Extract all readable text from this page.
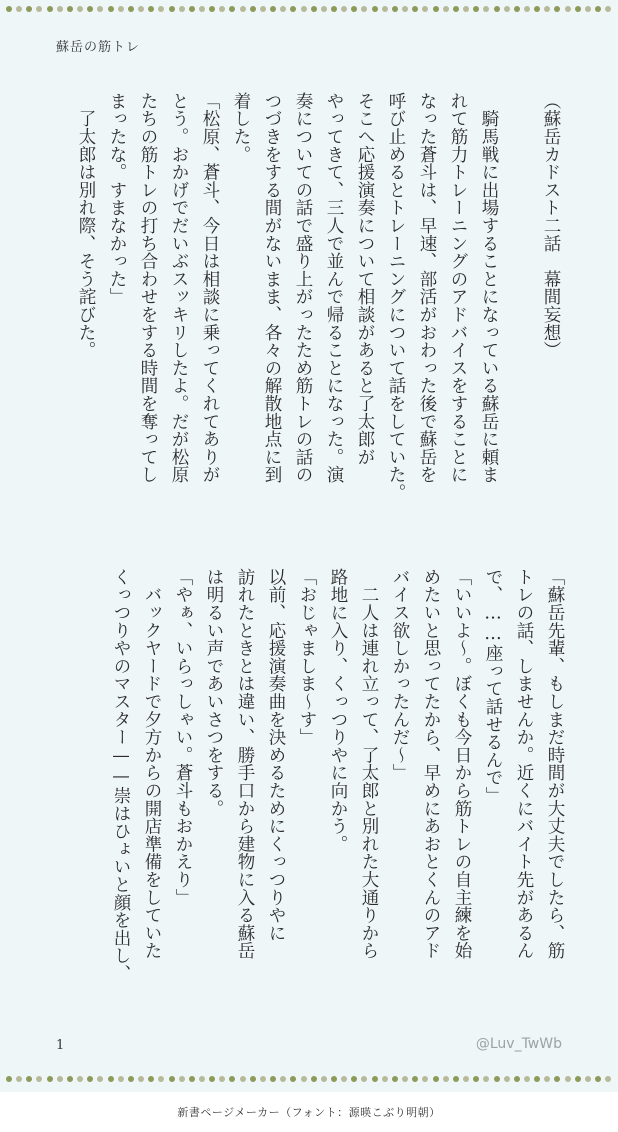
蘇岳の筋トレ
（蘇岳カドスト二話　幕間妄想）

　騎馬戦に出場することになっている蘇岳に頼ま
れて筋力トレーニングのアドバイスをすることに
なった蒼斗は、早速、部活がおわった後で蘇岳を
呼び止めるとトレーニングについて話をしていた。
そこへ応援演奏について相談があると了太郎が
やってきて、三人で並んで帰ることになった。演
奏についての話で盛り上がったため筋トレの話の
つづきをする間がないまま、各々の解散地点に到
着した。
「松原、蒼斗、今日は相談に乗ってくれてありが
とう。おかげでだいぶスッキリしたよ。だが松原
たちの筋トレの打ち合わせをする時間を奪ってし
まったな。すまなかった」
　了太郎は別れ際、そう詫びた。
「蘇岳先輩、もしまだ時間が大丈夫でしたら、筋
トレの話、しませんか。近くにバイト先があるん
で、……座って話せるんで」
「いいよ〜。ぼくも今日から筋トレの自主練を始
めたいと思ってたから、早めにあおとくんのアド
バイス欲しかったんだ〜」
　二人は連れ立って、了太郎と別れた大通りから
路地に入り、くっつりやに向かう。
「おじゃましま〜す」
以前、応援演奏曲を決めるためにくっつりやに
訪れたときとは違い、勝手口から建物に入る蘇岳
は明るい声であいさつをする。
「やぁ、いらっしゃい。蒼斗もおかえり」
　バックヤードで夕方からの開店準備をしていた
くっつりやのマスター——崇はひょいと顔を出し、
1	@Luv_TwWb
新書ページメーカー（フォント：源暎こぶり明朝）
